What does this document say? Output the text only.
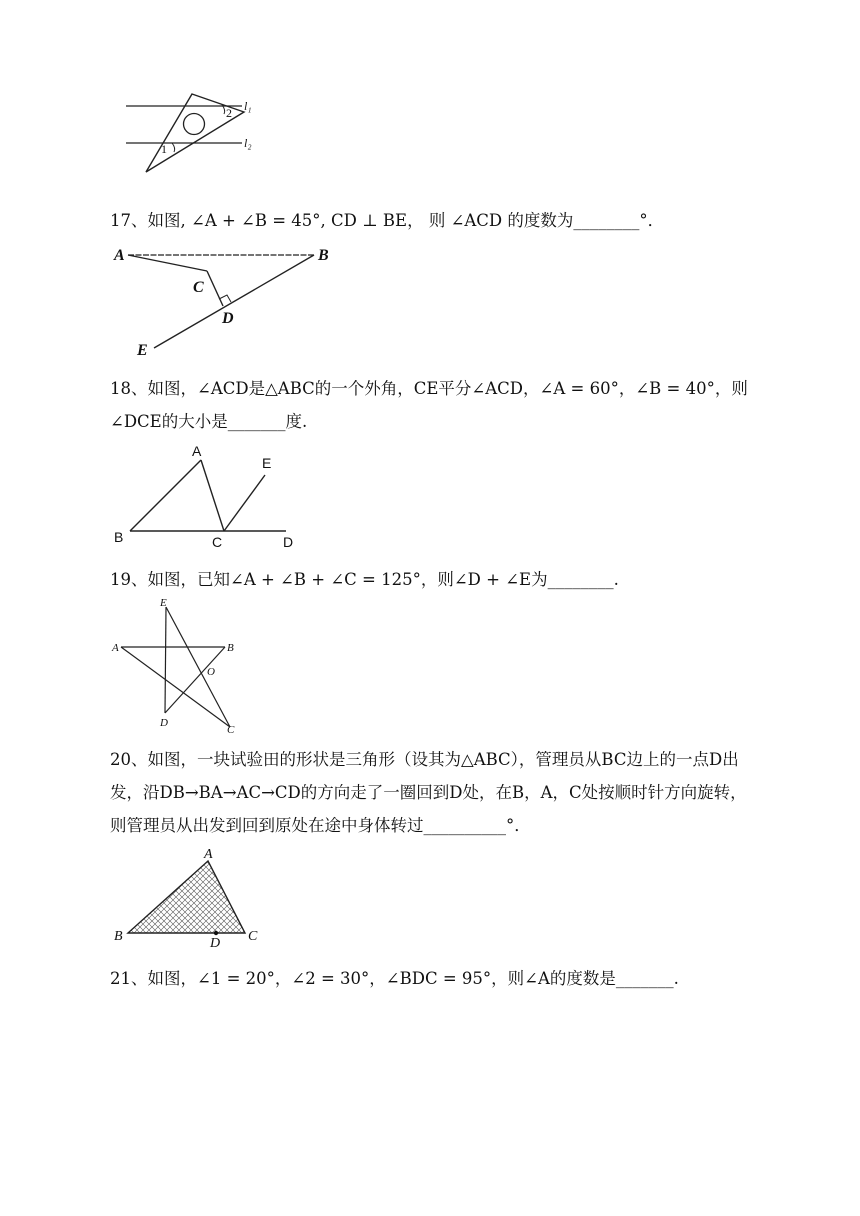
2
1
l₁
l₂
17、如图, ∠A + ∠B = 45°, CD ⊥ BE， 则 ∠ACD 的度数为________°．
A	B
C
D
E
18、如图，∠ACD是△ABC的一个外角，CE平分∠ACD，∠A = 60°，∠B = 40°，则∠DCE的大小是_______度.
A
E
B	C	D
19、如图，已知∠A + ∠B + ∠C = 125°，则∠D + ∠E为________.
E
A	B
O
D
C
20、如图，一块试验田的形状是三角形（设其为△ABC），管理员从BC边上的一点D出发，沿DB→BA→AC→CD的方向走了一圈回到D处，在B，A，C处按顺时针方向旋转，则管理员从出发到回到原处在途中身体转过__________°．
A
B	D C
21、如图，∠1 = 20°，∠2 = 30°，∠BDC = 95°，则∠A的度数是_______.
